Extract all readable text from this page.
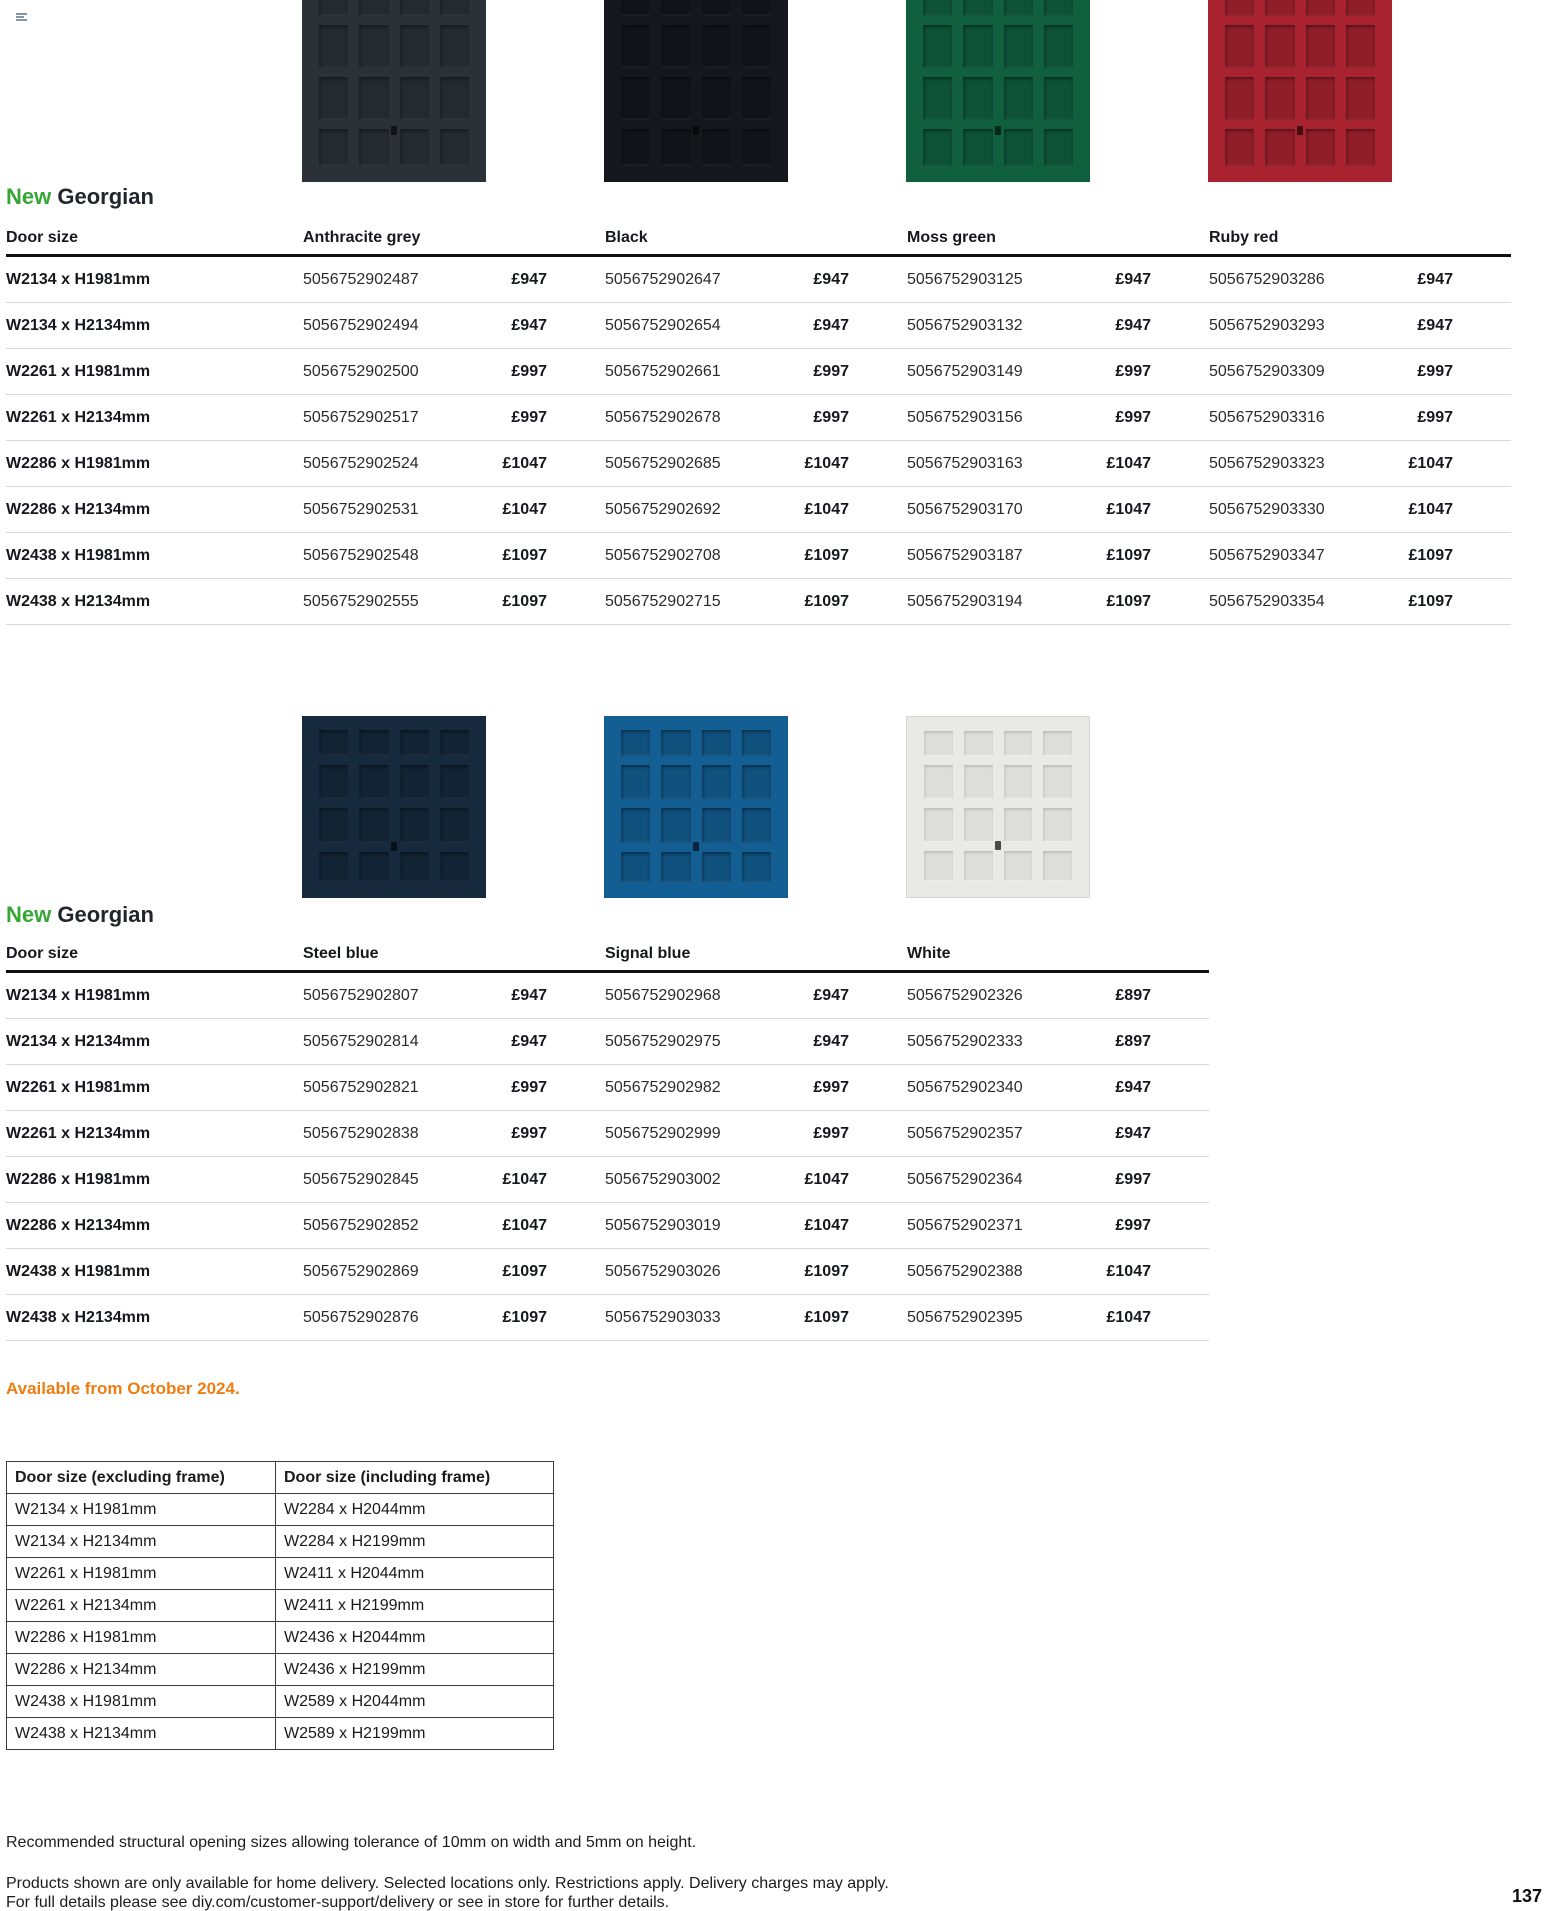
New Georgian
Door size	Anthracite grey	Black	Moss green	Ruby red
W2134 x H1981mm	5056752902487	£947	5056752902647	£947	5056752903125	£947	5056752903286	£947
W2134 x H2134mm	5056752902494	£947	5056752902654	£947	5056752903132	£947	5056752903293	£947
W2261 x H1981mm	5056752902500	£997	5056752902661	£997	5056752903149	£997	5056752903309	£997
W2261 x H2134mm	5056752902517	£997	5056752902678	£997	5056752903156	£997	5056752903316	£997
W2286 x H1981mm	5056752902524	£1047	5056752902685	£1047	5056752903163	£1047	5056752903323	£1047
W2286 x H2134mm	5056752902531	£1047	5056752902692	£1047	5056752903170	£1047	5056752903330	£1047
W2438 x H1981mm	5056752902548	£1097	5056752902708	£1097	5056752903187	£1097	5056752903347	£1097
W2438 x H2134mm	5056752902555	£1097	5056752902715	£1097	5056752903194	£1097	5056752903354	£1097
New Georgian
Door size	Steel blue	Signal blue	White
W2134 x H1981mm	5056752902807	£947	5056752902968	£947	5056752902326	£897
W2134 x H2134mm	5056752902814	£947	5056752902975	£947	5056752902333	£897
W2261 x H1981mm	5056752902821	£997	5056752902982	£997	5056752902340	£947
W2261 x H2134mm	5056752902838	£997	5056752902999	£997	5056752902357	£947
W2286 x H1981mm	5056752902845	£1047	5056752903002	£1047	5056752902364	£997
W2286 x H2134mm	5056752902852	£1047	5056752903019	£1047	5056752902371	£997
W2438 x H1981mm	5056752902869	£1097	5056752903026	£1097	5056752902388	£1047
W2438 x H2134mm	5056752902876	£1097	5056752903033	£1097	5056752902395	£1047
Available from October 2024.
Door size (excluding frame)	Door size (including frame)
W2134 x H1981mm	W2284 x H2044mm
W2134 x H2134mm	W2284 x H2199mm
W2261 x H1981mm	W2411 x H2044mm
W2261 x H2134mm	W2411 x H2199mm
W2286 x H1981mm	W2436 x H2044mm
W2286 x H2134mm	W2436 x H2199mm
W2438 x H1981mm	W2589 x H2044mm
W2438 x H2134mm	W2589 x H2199mm
Recommended structural opening sizes allowing tolerance of 10mm on width and 5mm on height.
Products shown are only available for home delivery. Selected locations only. Restrictions apply. Delivery charges may apply.
For full details please see diy.com/customer-support/delivery or see in store for further details.	137
